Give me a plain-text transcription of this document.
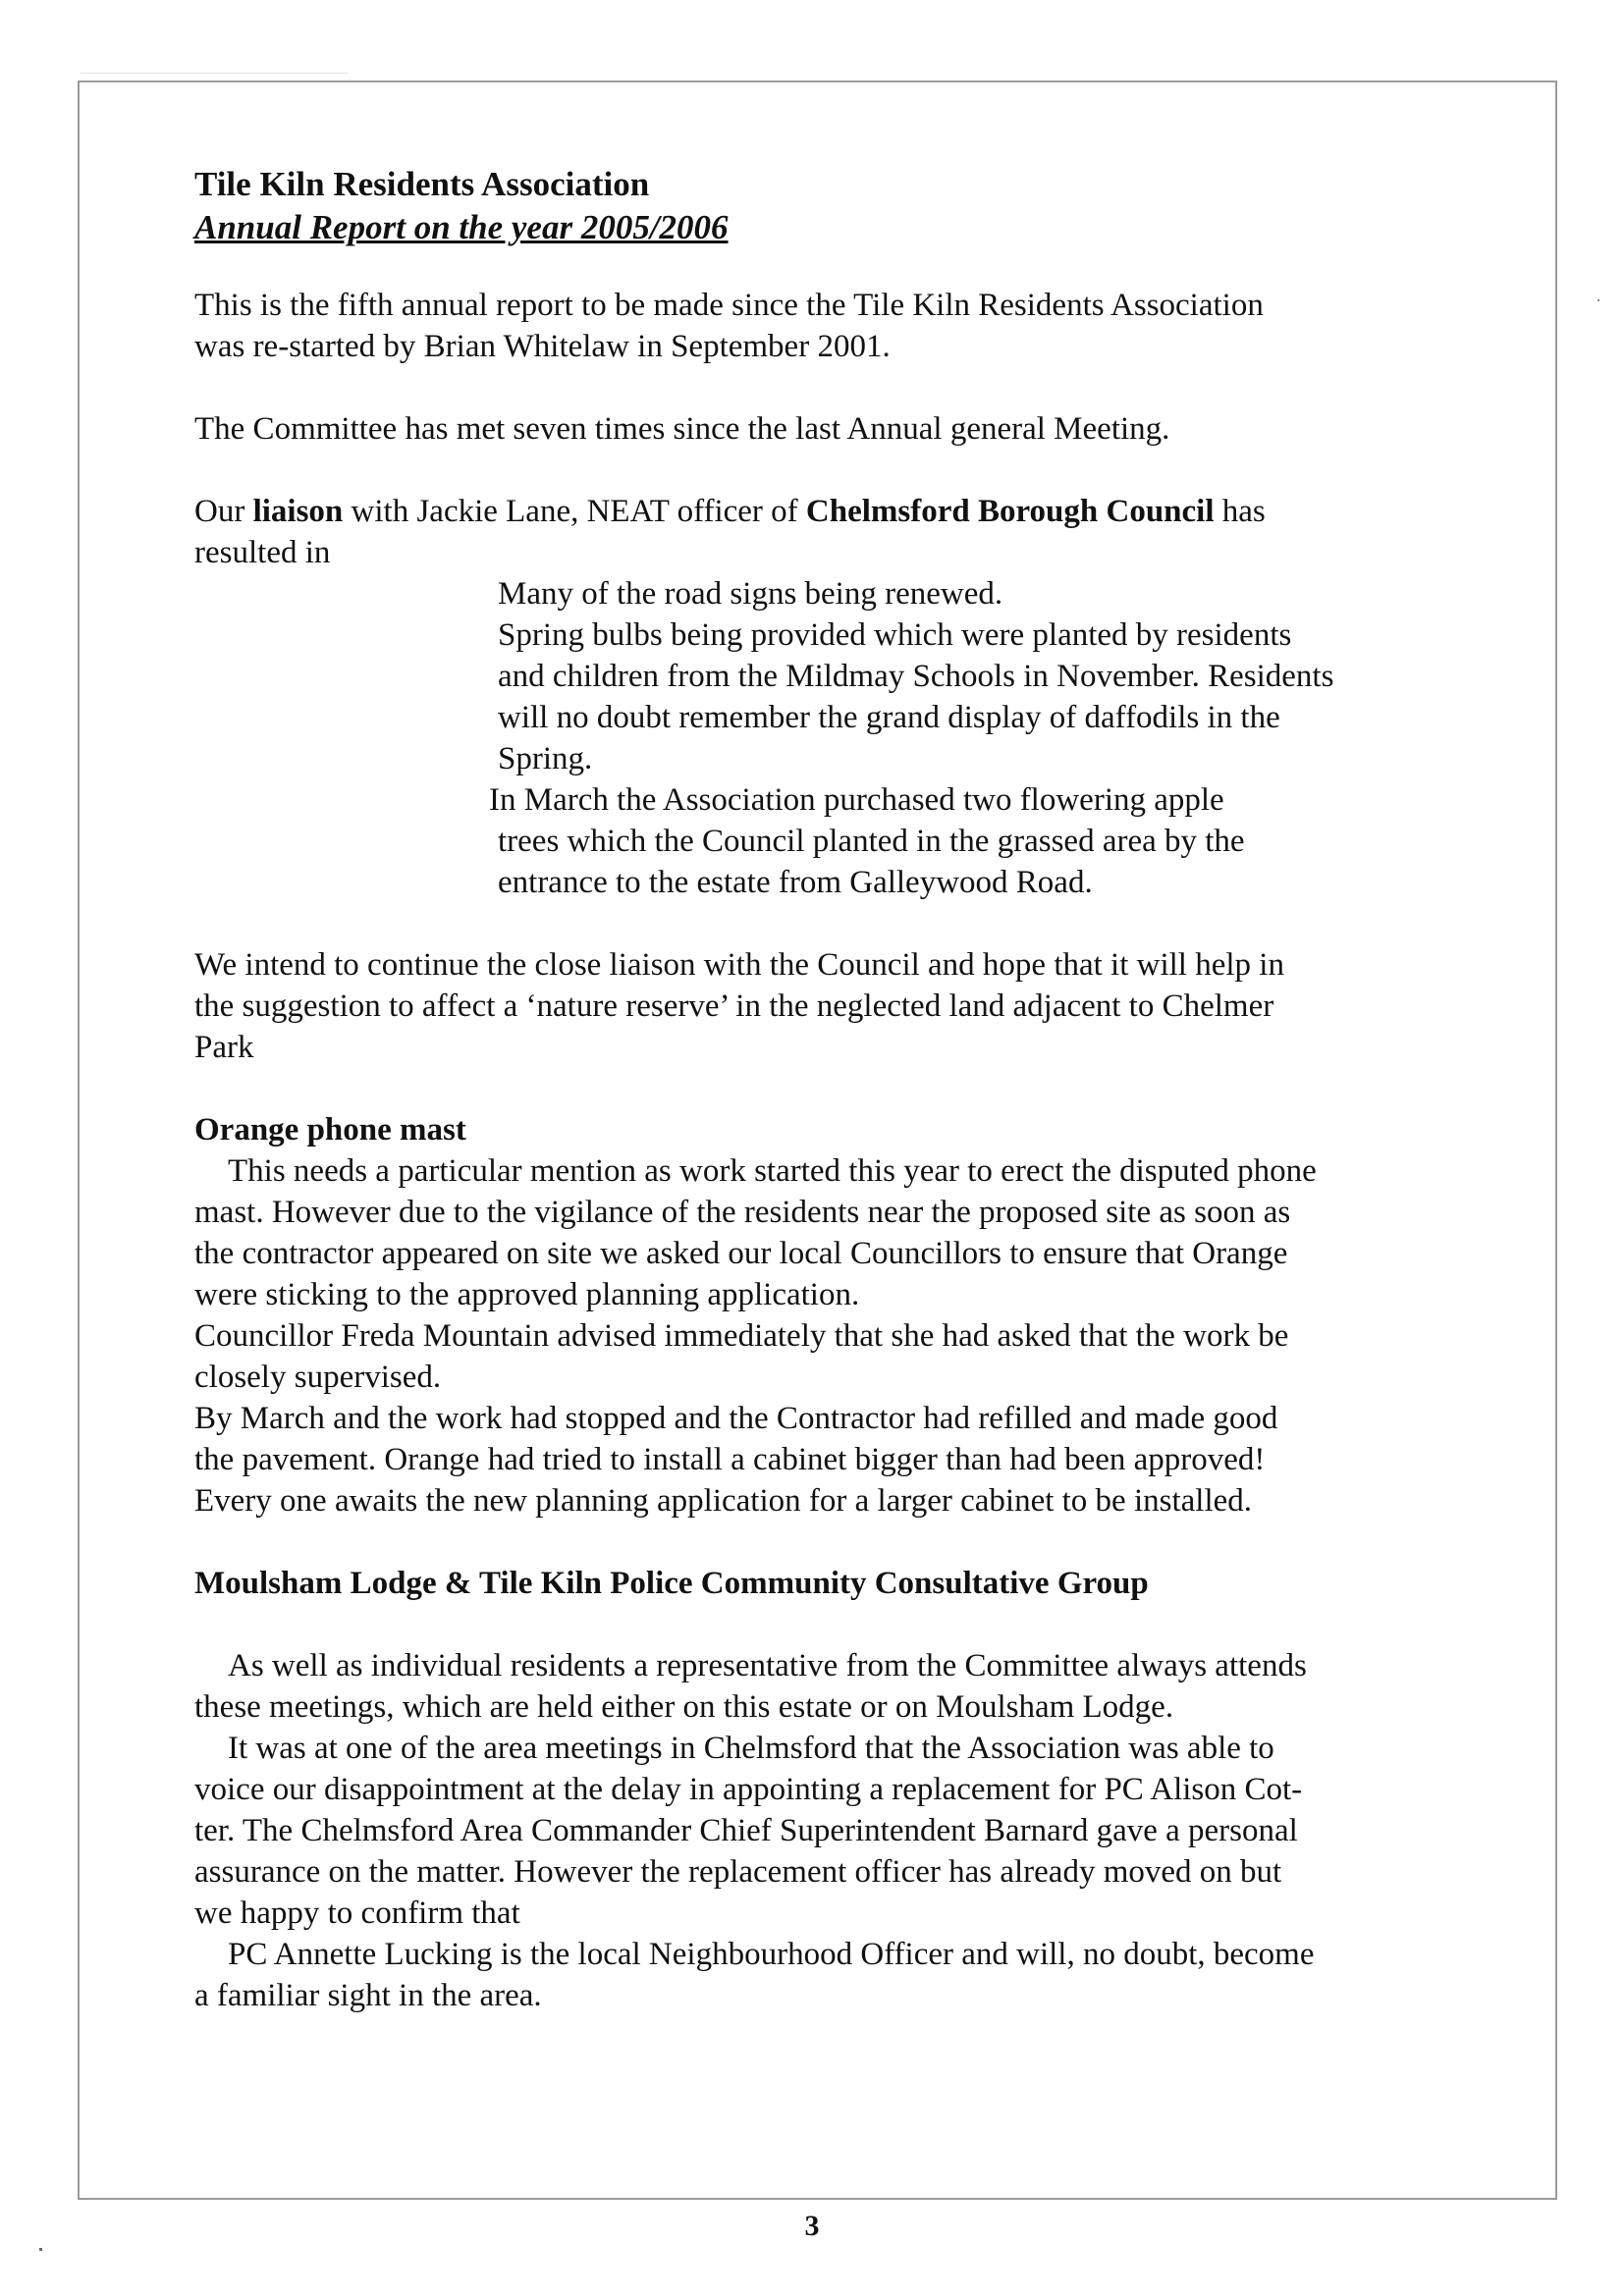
Tile Kiln Residents Association

Annual Report on the year 2005/2006

This is the fifth annual report to be made since the Tile Kiln Residents Association

was re-started by Brian Whitelaw in September 2001.

The Committee has met seven times since the last Annual general Meeting.

Our liaison with Jackie Lane, NEAT officer of Chelmsford Borough Council has

resulted in

Many of the road signs being renewed.

Spring bulbs being provided which were planted by residents

and children from the Mildmay Schools in November. Residents

will no doubt remember the grand display of daffodils in the

Spring.

In March the Association purchased two flowering apple

trees which the Council planted in the grassed area by the

entrance to the estate from Galleywood Road.

We intend to continue the close liaison with the Council and hope that it will help in

the suggestion to affect a ‘nature reserve’ in the neglected land adjacent to Chelmer

Park

Orange phone mast

This needs a particular mention as work started this year to erect the disputed phone

mast. However due to the vigilance of the residents near the proposed site as soon as

the contractor appeared on site we asked our local Councillors to ensure that Orange

were sticking to the approved planning application.

Councillor Freda Mountain advised immediately that she had asked that the work be

closely supervised.

By March and the work had stopped and the Contractor had refilled and made good

the pavement. Orange had tried to install a cabinet bigger than had been approved!

Every one awaits the new planning application for a larger cabinet to be installed.

Moulsham Lodge & Tile Kiln Police Community Consultative Group

As well as individual residents a representative from the Committee always attends

these meetings, which are held either on this estate or on Moulsham Lodge.

It was at one of the area meetings in Chelmsford that the Association was able to

voice our disappointment at the delay in appointing a replacement for PC Alison Cot-

ter. The Chelmsford Area Commander Chief Superintendent Barnard gave a personal

assurance on the matter. However the replacement officer has already moved on but

we happy to confirm that

PC Annette Lucking is the local Neighbourhood Officer and will, no doubt, become

a familiar sight in the area.

3
